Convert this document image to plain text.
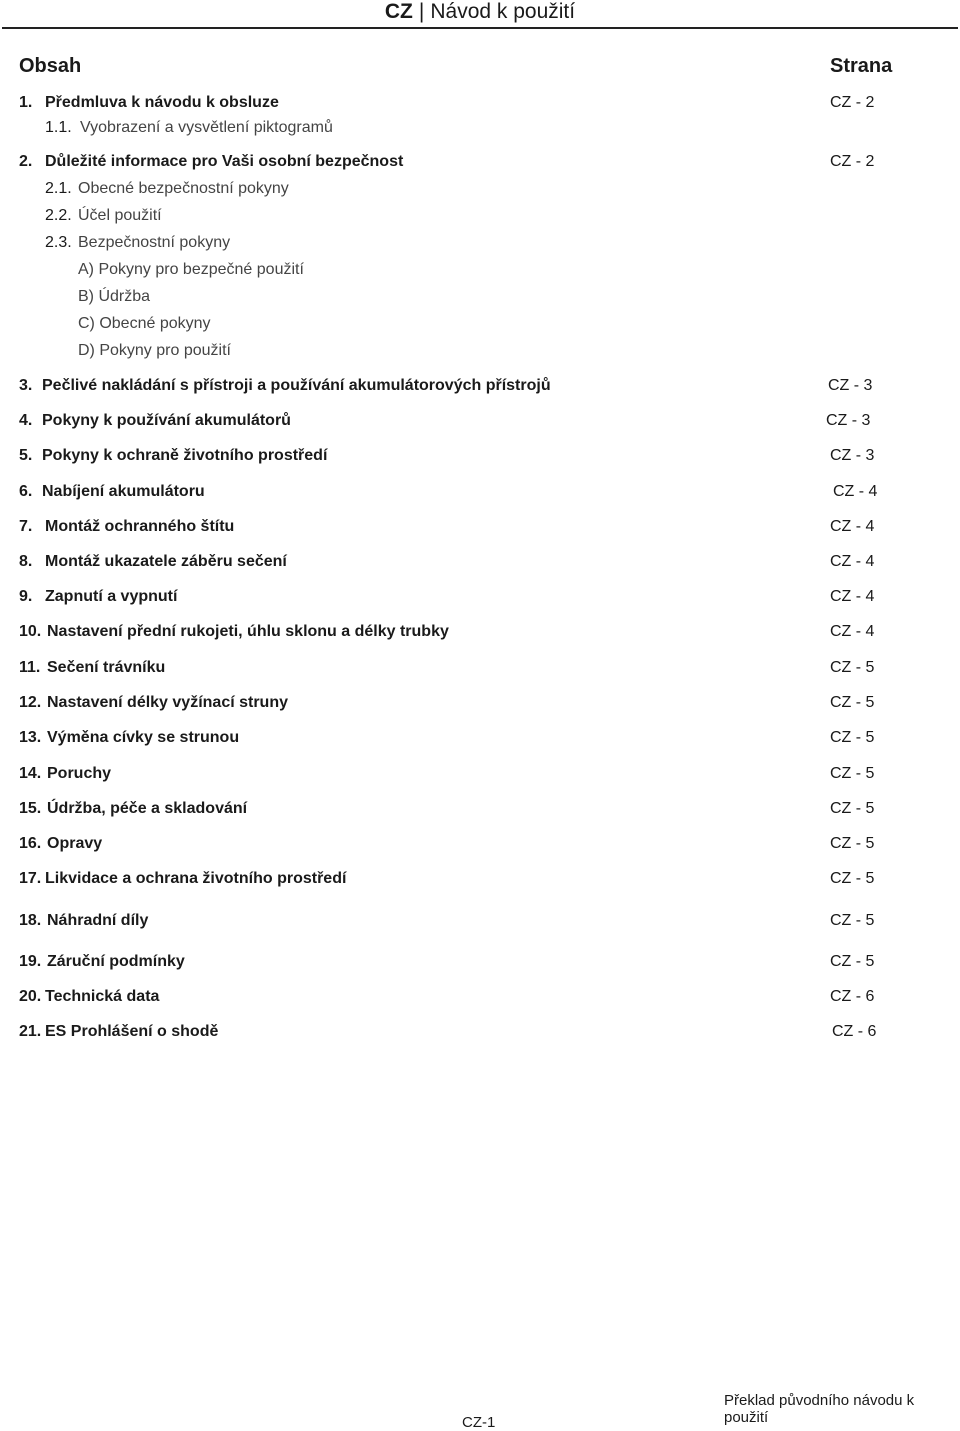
CZ | Návod k použití
Obsah	Strana
1. Předmluva k návodu k obsluze	CZ - 2
1.1. Vyobrazení a vysvětlení piktogramů
2. Důležité informace pro Vaši osobní bezpečnost	CZ - 2
2.1. Obecné bezpečnostní pokyny
2.2. Účel použití
2.3. Bezpečnostní pokyny
A) Pokyny pro bezpečné použití
B) Údržba
C) Obecné pokyny
D) Pokyny pro použití
3. Pečlivé nakládání s přístroji a používání akumulátorových přístrojů	CZ - 3
4. Pokyny k používání akumulátorů	CZ - 3
5. Pokyny k ochraně životního prostředí	CZ - 3
6. Nabíjení akumulátoru	CZ - 4
7. Montáž ochranného štítu	CZ - 4
8. Montáž ukazatele záběru sečení	CZ - 4
9. Zapnutí a vypnutí	CZ - 4
10. Nastavení přední rukojeti, úhlu sklonu a délky trubky	CZ - 4
11. Sečení trávníku	CZ - 5
12. Nastavení délky vyžínací struny	CZ - 5
13. Výměna cívky se strunou	CZ - 5
14. Poruchy	CZ - 5
15. Údržba, péče a skladování	CZ - 5
16. Opravy	CZ - 5
17. Likvidace a ochrana životního prostředí	CZ - 5
18. Náhradní díly	CZ - 5
19. Záruční podmínky	CZ - 5
20. Technická data	CZ - 6
21. ES Prohlášení o shodě	CZ - 6
CZ-1
Překlad původního návodu k použití
